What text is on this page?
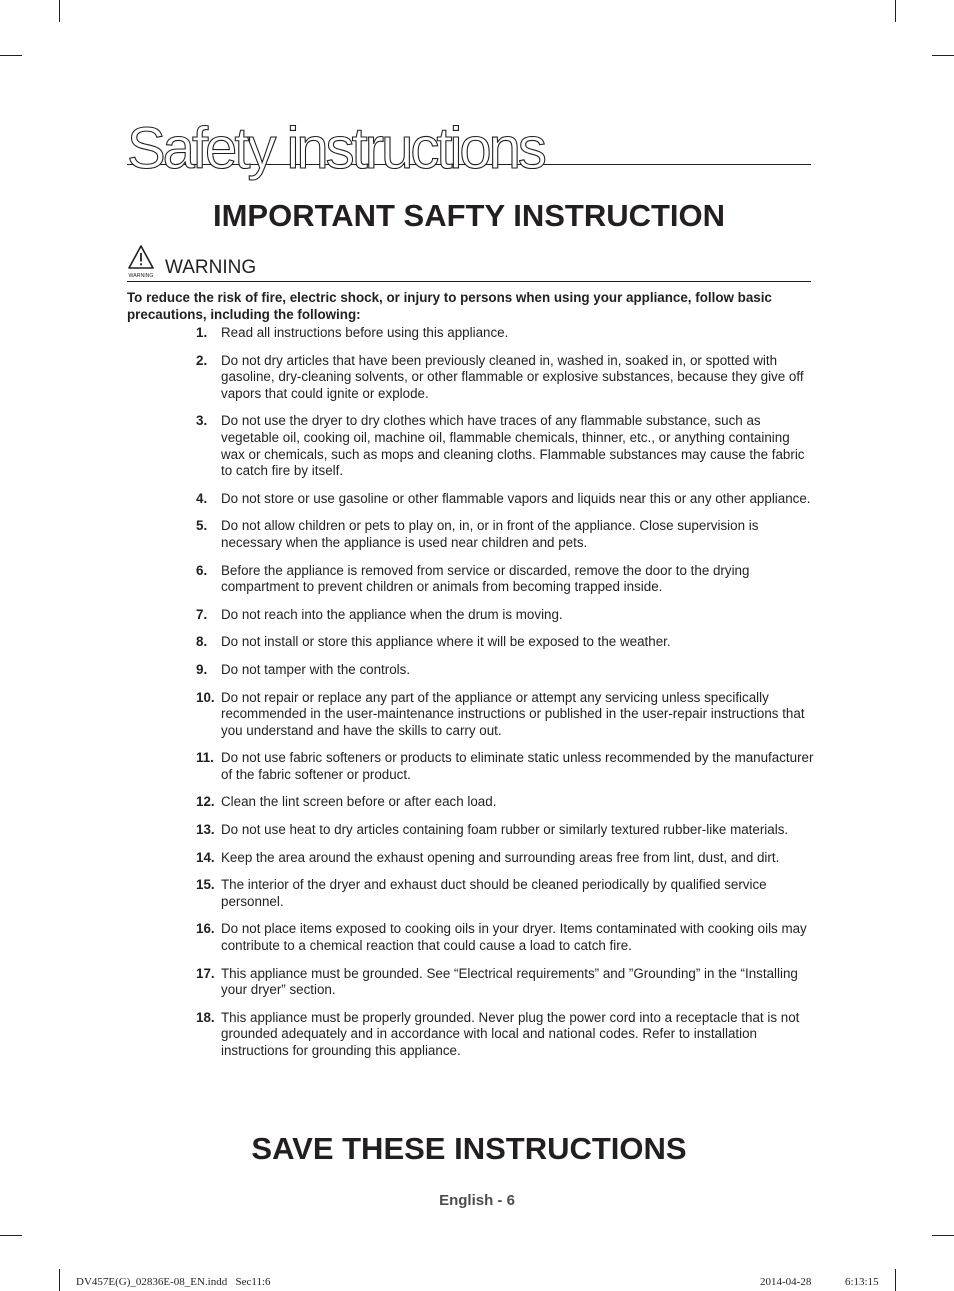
Safety instructions
IMPORTANT SAFTY INSTRUCTION
WARNING WARNING

To reduce the risk of fire, electric shock, or injury to persons when using your appliance, follow basic precautions, including the following:

1. Read all instructions before using this appliance.
2. Do not dry articles that have been previously cleaned in, washed in, soaked in, or spotted with gasoline, dry-cleaning solvents, or other flammable or explosive substances, because they give off vapors that could ignite or explode.
3. Do not use the dryer to dry clothes which have traces of any flammable substance, such as vegetable oil, cooking oil, machine oil, flammable chemicals, thinner, etc., or anything containing wax or chemicals, such as mops and cleaning cloths. Flammable substances may cause the fabric to catch fire by itself.
4. Do not store or use gasoline or other flammable vapors and liquids near this or any other appliance.
5. Do not allow children or pets to play on, in, or in front of the appliance. Close supervision is necessary when the appliance is used near children and pets.
6. Before the appliance is removed from service or discarded, remove the door to the drying compartment to prevent children or animals from becoming trapped inside.
7. Do not reach into the appliance when the drum is moving.
8. Do not install or store this appliance where it will be exposed to the weather.
9. Do not tamper with the controls.
10. Do not repair or replace any part of the appliance or attempt any servicing unless specifically recommended in the user-maintenance instructions or published in the user-repair instructions that you understand and have the skills to carry out.
11. Do not use fabric softeners or products to eliminate static unless recommended by the manufacturer of the fabric softener or product.
12. Clean the lint screen before or after each load.
13. Do not use heat to dry articles containing foam rubber or similarly textured rubber-like materials.
14. Keep the area around the exhaust opening and surrounding areas free from lint, dust, and dirt.
15. The interior of the dryer and exhaust duct should be cleaned periodically by qualified service personnel.
16. Do not place items exposed to cooking oils in your dryer. Items contaminated with cooking oils may contribute to a chemical reaction that could cause a load to catch fire.
17. This appliance must be grounded. See “Electrical requirements” and ”Grounding” in the “Installing your dryer” section.
18. This appliance must be properly grounded. Never plug the power cord into a receptacle that is not grounded adequately and in accordance with local and national codes. Refer to installation instructions for grounding this appliance.
SAVE THESE INSTRUCTIONS
English - 6
DV457E(G)_02836E-08_EN.indd   Sec11:6	2014-04-28	6:13:15
